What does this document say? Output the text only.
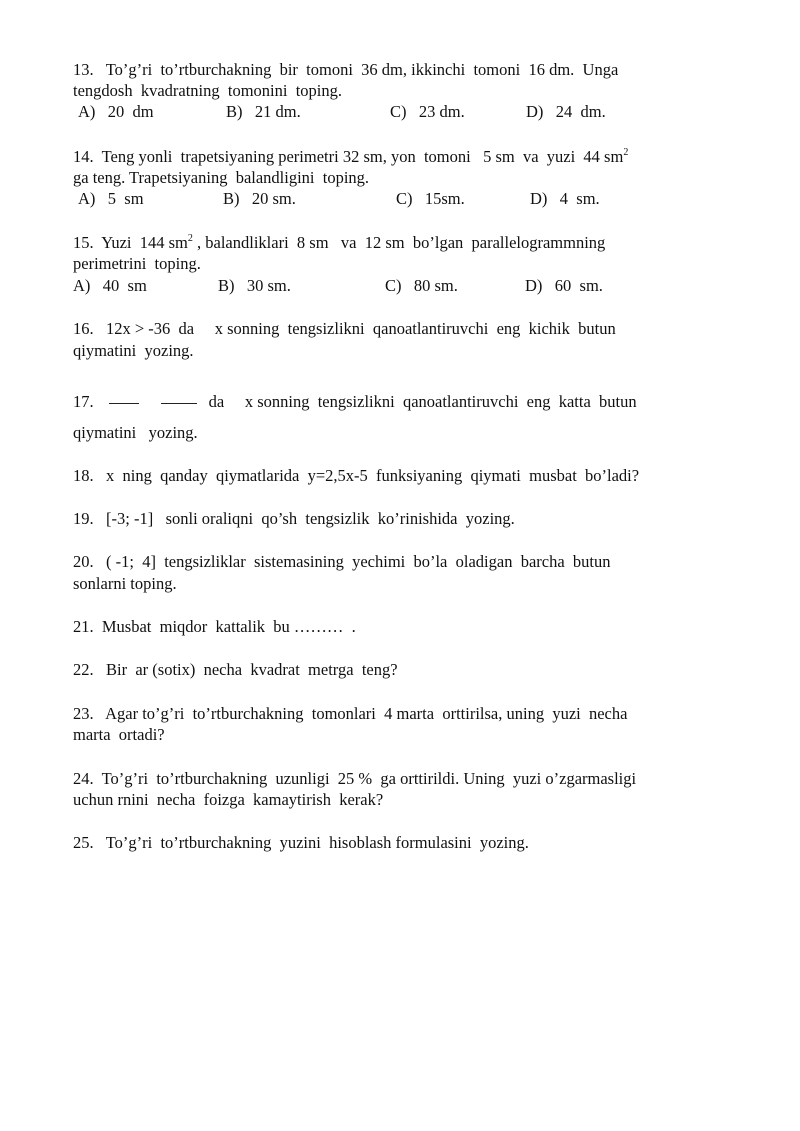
13.   To’g’ri  to’rtburchakning  bir  tomoni  36 dm, ikkinchi  tomoni  16 dm.  Unga
tengdosh  kvadratning  tomonini  toping.
A)   20  dm	B)   21 dm.	C)   23 dm.	D)   24  dm.
14.  Teng yonli  trapetsiyaning perimetri 32 sm, yon  tomoni   5 sm  va  yuzi  44 $sm^2$
ga teng. Trapetsiyaning  balandligini  toping.
A)   5  sm	B)   20 sm.	C)   15sm.	D)   4  sm.
15.  Yuzi  144 $sm^2$ , balandliklari  8 sm   va  12 sm  bo’lgan  parallelogrammning
perimetrini  toping.
A)   40  sm	B)   30 sm.	C)   80 sm.	D)   60  sm.
16.   12x > -36  da     x sonning  tengsizlikni  qanoatlantiruvchi  eng  kichik  butun
qiymatini  yozing.
17.	da     x sonning  tengsizlikni  qanoatlantiruvchi  eng  katta  butun
qiymatini   yozing.
18.   x  ning  qanday  qiymatlarida  y=2,5x-5  funksiyaning  qiymati  musbat  bo’ladi?
19.   [-3; -1]   sonli oraliqni  qo’sh  tengsizlik  ko’rinishida  yozing.
20.   ( -1;  4]  tengsizliklar  sistemasining  yechimi  bo’la  oladigan  barcha  butun
sonlarni toping.
21.  Musbat  miqdor  kattalik  bu ………  .
22.   Bir  ar (sotix)  necha  kvadrat  metrga  teng?
23.   Agar to’g’ri  to’rtburchakning  tomonlari  4 marta  orttirilsa, uning  yuzi  necha
marta  ortadi?
24.  To’g’ri  to’rtburchakning  uzunligi  25 %  ga orttirildi. Uning  yuzi o’zgarmasligi
uchun rnini  necha  foizga  kamaytirish  kerak?
25.   To’g’ri  to’rtburchakning  yuzini  hisoblash formulasini  yozing.
